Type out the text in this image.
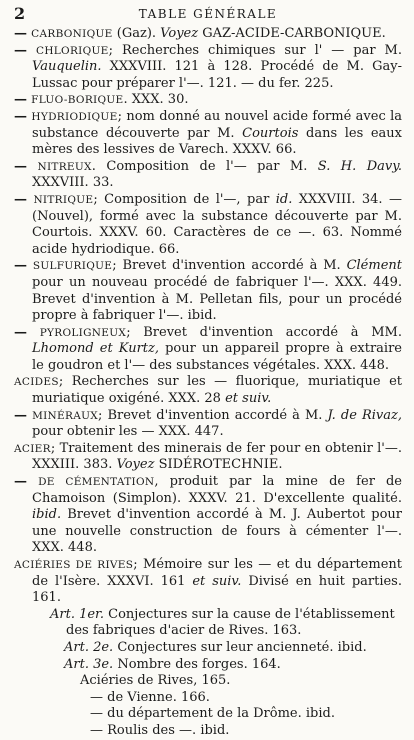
2	TABLE GÉNÉRALE

— CARBONIQUE (Gaz). Voyez GAZ-ACIDE-CARBONIQUE.

— CHLORIQUE; Recherches chimiques sur l' — par M. Vauquelin. XXXVIII. 121 à 128. Procédé de M. Gay-Lussac pour préparer l'—. 121. — du fer. 225.

— FLUO-BORIQUE. XXX. 30.

— HYDRIODIQUE; nom donné au nouvel acide formé avec la substance découverte par M. Courtois dans les eaux mères des lessives de Varech. XXXV. 66.

— NITREUX. Composition de l'— par M. S. H. Davy. XXXVIII. 33.

— NITRIQUE; Composition de l'—, par id. XXXVIII. 34. — (Nouvel), formé avec la substance découverte par M. Courtois. XXXV. 60. Caractères de ce —. 63. Nommé acide hydriodique. 66.

— SULFURIQUE; Brevet d'invention accordé à M. Clément pour un nouveau procédé de fabriquer l'—. XXX. 449. Brevet d'invention à M. Pelletan fils, pour un procédé propre à fabriquer l'—. ibid.

— PYROLIGNEUX; Brevet d'invention accordé à MM. Lhomond et Kurtz, pour un appareil propre à extraire le goudron et l'— des substances végétales. XXX. 448.

ACIDES; Recherches sur les — fluorique, muriatique et muriatique oxigéné. XXX. 28 et suiv.

— MINÉRAUX; Brevet d'invention accordé à M. J. de Rivaz, pour obtenir les — XXX. 447.

ACIER; Traitement des minerais de fer pour en obtenir l'—. XXXIII. 383. Voyez SIDÉROTECHNIE.

— DE CÉMENTATION, produit par la mine de fer de Chamoison (Simplon). XXXV. 21. D'excellente qualité. ibid. Brevet d'invention accordé à M. J. Aubertot pour une nouvelle construction de fours à cémenter l'—. XXX. 448.

ACIÉRIES DE RIVES; Mémoire sur les — et du département de l'Isère. XXXVI. 161 et suiv. Divisé en huit parties. 161.

Art. 1er. Conjectures sur la cause de l'établissement des fabriques d'acier de Rives. 163.

Art. 2e. Conjectures sur leur ancienneté. ibid.

Art. 3e. Nombre des forges. 164.

Aciéries de Rives, 165.

— de Vienne. 166.

— du département de la Drôme. ibid.

— Roulis des —. ibid.
